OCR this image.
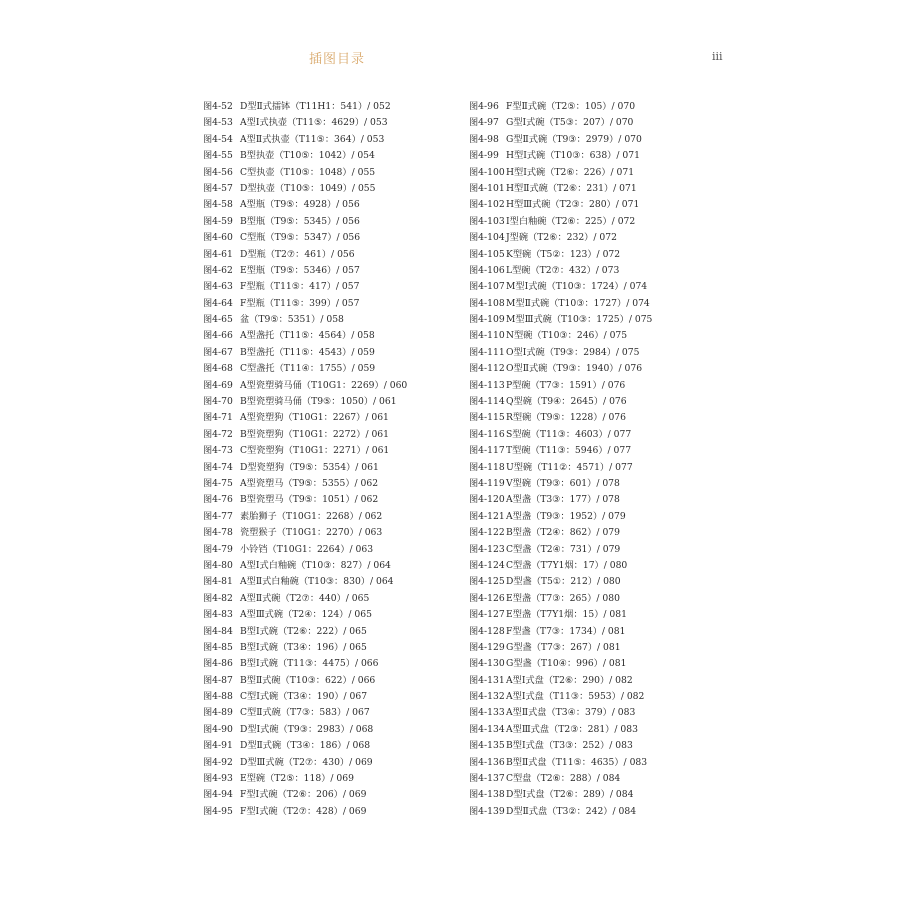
插图目录	iii
图4-52 D型Ⅱ式擂钵（T11H1：541）/ 052
图4-53 A型Ⅰ式执壶（T11⑤：4629）/ 053
图4-54 A型Ⅱ式执壶（T11⑤：364）/ 053
图4-55 B型执壶（T10⑤：1042）/ 054
图4-56 C型执壶（T10⑤：1048）/ 055
图4-57 D型执壶（T10⑤：1049）/ 055
图4-58 A型瓶（T9⑤：4928）/ 056
图4-59 B型瓶（T9⑤：5345）/ 056
图4-60 C型瓶（T9⑤：5347）/ 056
图4-61 D型瓶（T2⑦：461）/ 056
图4-62 E型瓶（T9⑤：5346）/ 057
图4-63 F型瓶（T11⑤：417）/ 057
图4-64 F型瓶（T11⑤：399）/ 057
图4-65 盆（T9⑤：5351）/ 058
图4-66 A型盏托（T11⑤：4564）/ 058
图4-67 B型盏托（T11⑤：4543）/ 059
图4-68 C型盏托（T11④：1755）/ 059
图4-69 A型瓷塑骑马俑（T10G1：2269）/ 060
图4-70 B型瓷塑骑马俑（T9⑤：1050）/ 061
图4-71 A型瓷塑狗（T10G1：2267）/ 061
图4-72 B型瓷塑狗（T10G1：2272）/ 061
图4-73 C型瓷塑狗（T10G1：2271）/ 061
图4-74 D型瓷塑狗（T9⑤：5354）/ 061
图4-75 A型瓷塑马（T9⑤：5355）/ 062
图4-76 B型瓷塑马（T9⑤：1051）/ 062
图4-77 素胎狮子（T10G1：2268）/ 062
图4-78 瓷塑猴子（T10G1：2270）/ 063
图4-79 小铃铛（T10G1：2264）/ 063
图4-80 A型Ⅰ式白釉碗（T10③：827）/ 064
图4-81 A型Ⅱ式白釉碗（T10③：830）/ 064
图4-82 A型Ⅱ式碗（T2⑦：440）/ 065
图4-83 A型Ⅲ式碗（T2④：124）/ 065
图4-84 B型Ⅰ式碗（T2⑥：222）/ 065
图4-85 B型Ⅰ式碗（T3④：196）/ 065
图4-86 B型Ⅰ式碗（T11③：4475）/ 066
图4-87 B型Ⅱ式碗（T10③：622）/ 066
图4-88 C型Ⅰ式碗（T3④：190）/ 067
图4-89 C型Ⅱ式碗（T7③：583）/ 067
图4-90 D型Ⅰ式碗（T9③：2983）/ 068
图4-91 D型Ⅱ式碗（T3④：186）/ 068
图4-92 D型Ⅲ式碗（T2⑦：430）/ 069
图4-93 E型碗（T2⑤：118）/ 069
图4-94 F型Ⅰ式碗（T2⑥：206）/ 069
图4-95 F型Ⅰ式碗（T2⑦：428）/ 069
图4-96 F型Ⅱ式碗（T2⑤：105）/ 070
图4-97 G型Ⅰ式碗（T5③：207）/ 070
图4-98 G型Ⅱ式碗（T9③：2979）/ 070
图4-99 H型Ⅰ式碗（T10③：638）/ 071
图4-100H型Ⅰ式碗（T2⑥：226）/ 071
图4-101H型Ⅱ式碗（T2⑥：231）/ 071
图4-102H型Ⅲ式碗（T2③：280）/ 071
图4-103I型白釉碗（T2⑥：225）/ 072
图4-104J型碗（T2⑥：232）/ 072
图4-105K型碗（T5②：123）/ 072
图4-106L型碗（T2⑦：432）/ 073
图4-107M型Ⅰ式碗（T10③：1724）/ 074
图4-108M型Ⅱ式碗（T10③：1727）/ 074
图4-109M型Ⅲ式碗（T10③：1725）/ 075
图4-110N型碗（T10③：246）/ 075
图4-111O型Ⅰ式碗（T9③：2984）/ 075
图4-112O型Ⅱ式碗（T9③：1940）/ 076
图4-113P型碗（T7③：1591）/ 076
图4-114Q型碗（T9④：2645）/ 076
图4-115R型碗（T9⑤：1228）/ 076
图4-116S型碗（T11③：4603）/ 077
图4-117T型碗（T11③：5946）/ 077
图4-118U型碗（T11②：4571）/ 077
图4-119V型碗（T9③：601）/ 078
图4-120A型盏（T3③：177）/ 078
图4-121A型盏（T9③：1952）/ 079
图4-122B型盏（T2④：862）/ 079
图4-123C型盏（T2④：731）/ 079
图4-124C型盏（T7Y1烟：17）/ 080
图4-125D型盏（T5①：212）/ 080
图4-126E型盏（T7③：265）/ 080
图4-127E型盏（T7Y1烟：15）/ 081
图4-128F型盏（T7③：1734）/ 081
图4-129G型盏（T7③：267）/ 081
图4-130G型盏（T10④：996）/ 081
图4-131A型Ⅰ式盘（T2⑥：290）/ 082
图4-132A型Ⅰ式盘（T11③：5953）/ 082
图4-133A型Ⅱ式盘（T3④：379）/ 083
图4-134A型Ⅲ式盘（T2③：281）/ 083
图4-135B型Ⅰ式盘（T3③：252）/ 083
图4-136B型Ⅱ式盘（T11⑤：4635）/ 083
图4-137C型盘（T2⑥：288）/ 084
图4-138D型Ⅰ式盘（T2⑥：289）/ 084
图4-139D型Ⅱ式盘（T3②：242）/ 084
